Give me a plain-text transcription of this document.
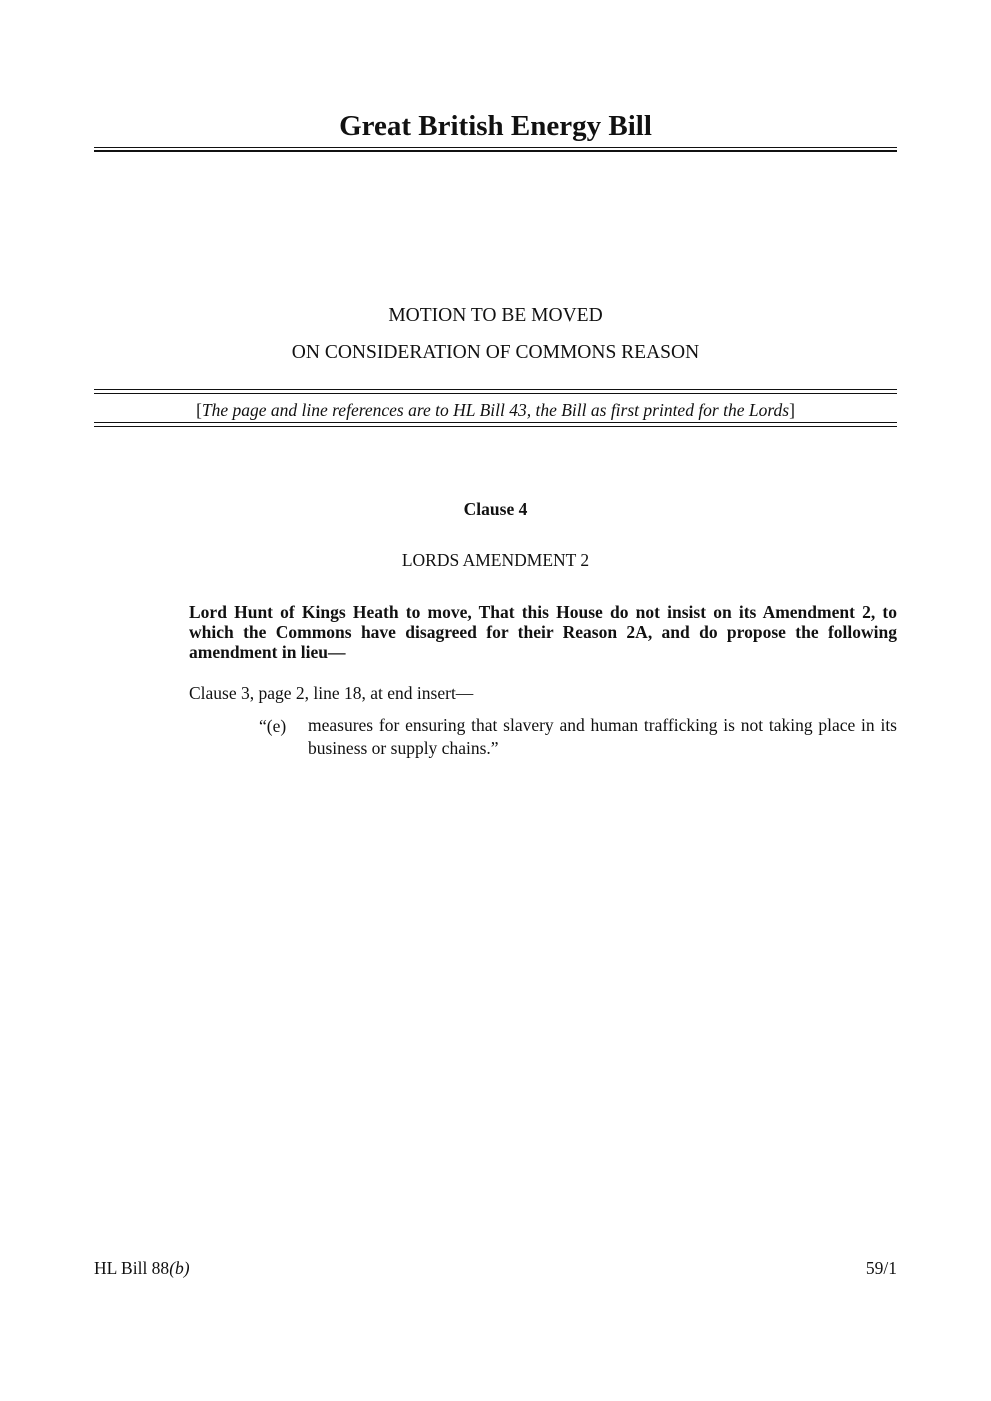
Great British Energy Bill
MOTION TO BE MOVED
ON CONSIDERATION OF COMMONS REASON
[The page and line references are to HL Bill 43, the Bill as first printed for the Lords]
Clause 4
LORDS AMENDMENT 2
Lord Hunt of Kings Heath to move, That this House do not insist on its Amendment 2, to which the Commons have disagreed for their Reason 2A, and do propose the following amendment in lieu—
Clause 3, page 2, line 18, at end insert—
“(e) measures for ensuring that slavery and human trafficking is not taking place in its business or supply chains.”
HL Bill 88(b)	59/1
